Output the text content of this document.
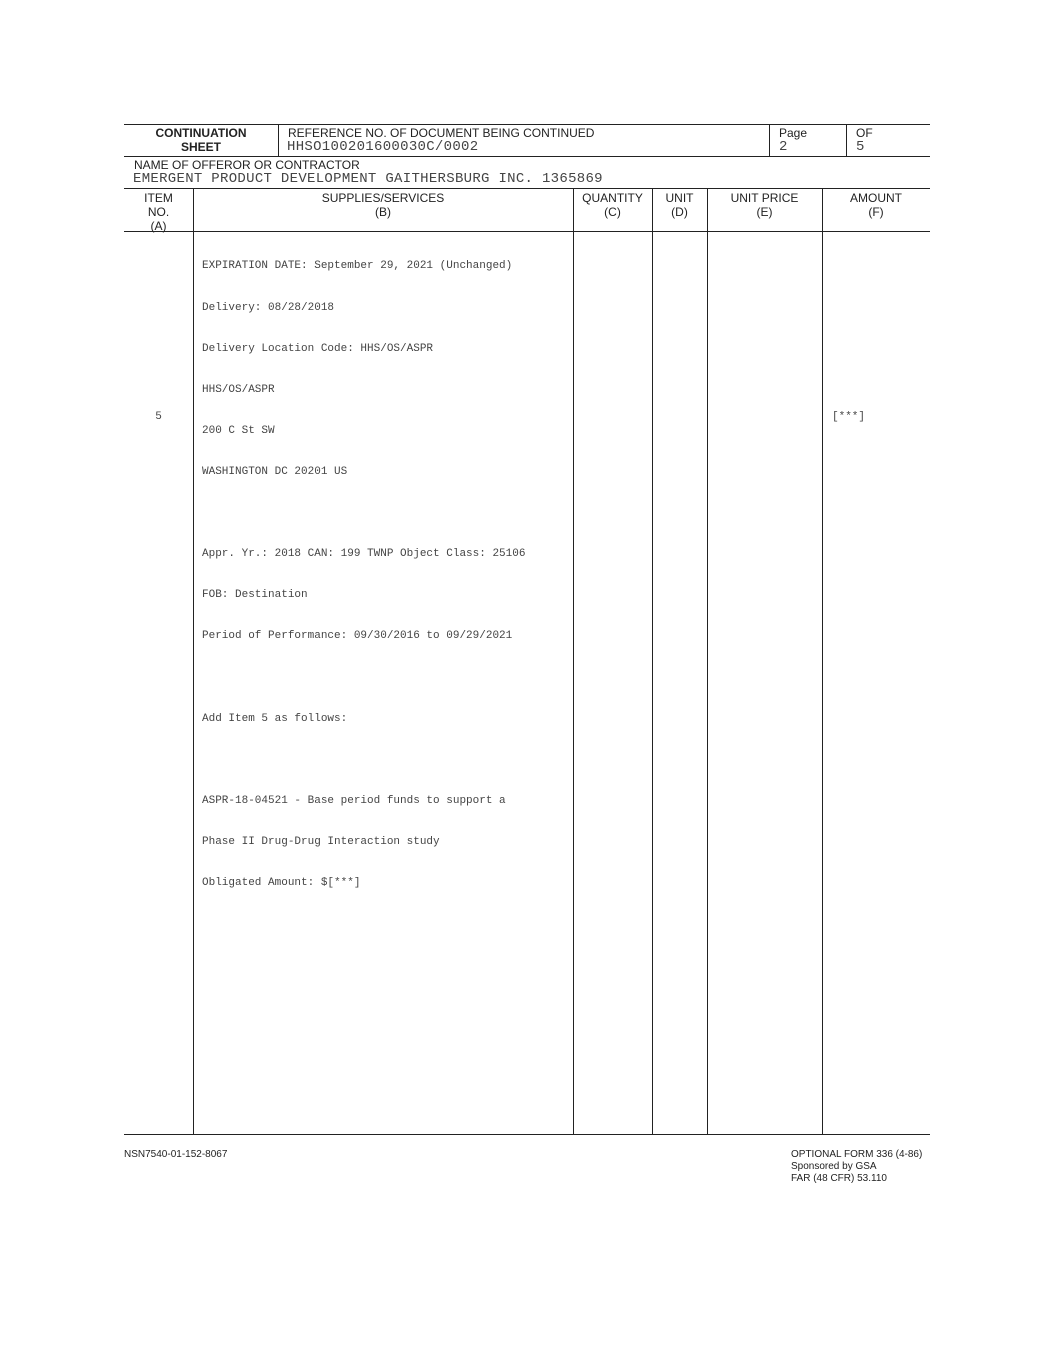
CONTINUATION
SHEET
REFERENCE NO. OF DOCUMENT BEING CONTINUED
HHSO100201600030C/0002
Page
2
OF
5
NAME OF OFFEROR OR CONTRACTOR
EMERGENT PRODUCT DEVELOPMENT GAITHERSBURG INC. 1365869
ITEM
NO.
(A)
SUPPLIES/SERVICES
(B)
QUANTITY
(C)
UNIT
(D)
UNIT PRICE
(E)
AMOUNT
(F)

EXPIRATION DATE: September 29, 2021 (Unchanged)

Delivery: 08/28/2018

Delivery Location Code: HHS/OS/ASPR

HHS/OS/ASPR

200 C St SW

WASHINGTON DC 20201 US

Appr. Yr.: 2018 CAN: 199 TWNP Object Class: 25106

FOB: Destination

Period of Performance: 09/30/2016 to 09/29/2021

Add Item 5 as follows:

ASPR-18-04521 - Base period funds to support a

Phase II Drug-Drug Interaction study

Obligated Amount: $[***]

5	[***]
NSN7540-01-152-8067	OPTIONAL FORM 336 (4-86)
Sponsored by GSA
FAR (48 CFR) 53.110
